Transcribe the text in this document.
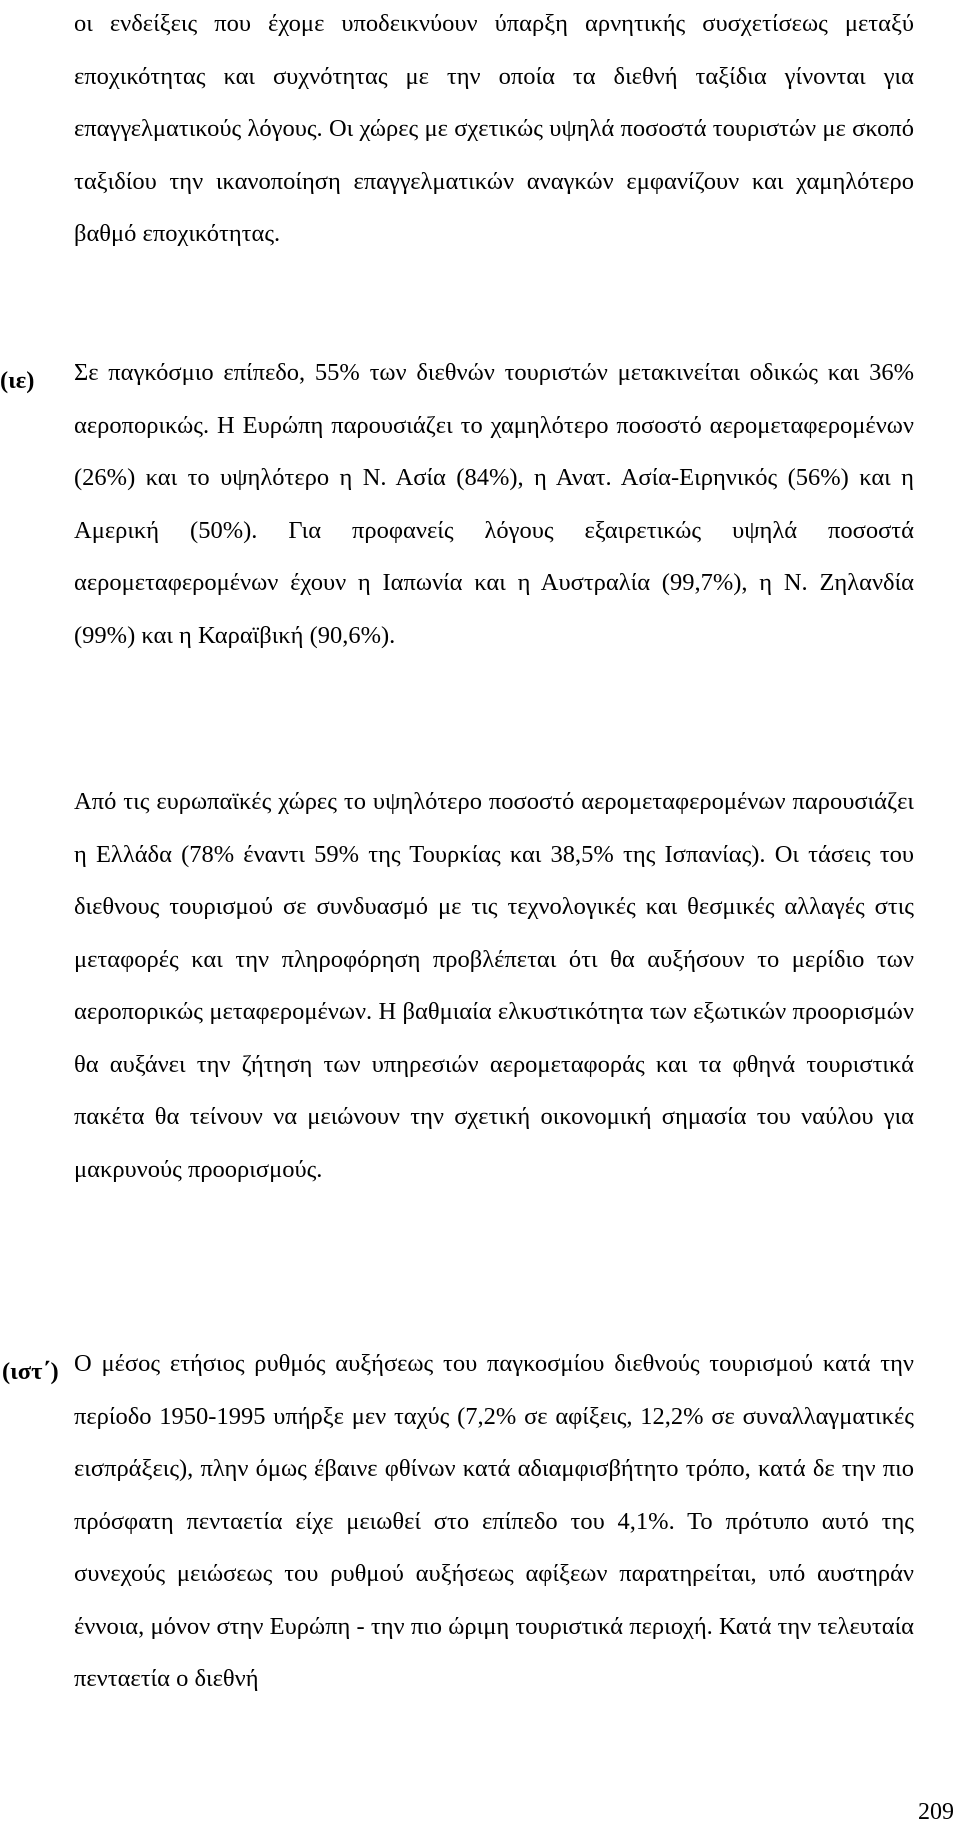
οι ενδείξεις που έχομε υποδεικνύουν ύπαρξη αρνητικής συσχετίσεως μεταξύ εποχικότητας και συχνότητας με την οποία τα διεθνή ταξίδια γίνονται για επαγγελματικούς λόγους. Οι χώρες με σχετικώς υψηλά ποσοστά τουριστών με σκοπό ταξιδίου την ικανοποίηση επαγγελματικών αναγκών εμφανίζουν και χαμηλότερο βαθμό εποχικότητας.

(ιε) Σε παγκόσμιο επίπεδο, 55% των διεθνών τουριστών μετακινείται οδικώς και 36% αεροπορικώς. Η Ευρώπη παρουσιάζει το χαμηλότερο ποσοστό αερομεταφερομένων (26%) και το υψηλότερο η Ν. Ασία (84%), η Ανατ. Ασία-Ειρηνικός (56%) και η Αμερική (50%). Για προφανείς λόγους εξαιρετικώς υψηλά ποσοστά αερομεταφερομένων έχουν η Ιαπωνία και η Αυστραλία (99,7%), η Ν. Ζηλανδία (99%) και η Καραϊβική (90,6%).

Από τις ευρωπαϊκές χώρες το υψηλότερο ποσοστό αερομεταφερομένων παρουσιάζει η Ελλάδα (78% έναντι 59% της Τουρκίας και 38,5% της Ισπανίας). Οι τάσεις του διεθνους τουρισμού σε συνδυασμό με τις τεχνολογικές και θεσμικές αλλαγές στις μεταφορές και την πληροφόρηση προβλέπεται ότι θα αυξήσουν το μερίδιο των αεροπορικώς μεταφερομένων. Η βαθμιαία ελκυστικότητα των εξωτικών προορισμών θα αυξάνει την ζήτηση των υπηρεσιών αερομεταφοράς και τα φθηνά τουριστικά πακέτα θα τείνουν να μειώνουν την σχετική οικονομική σημασία του ναύλου για μακρυνούς προορισμούς.

(ιστ΄) Ο μέσος ετήσιος ρυθμός αυξήσεως του παγκοσμίου διεθνούς τουρισμού κατά την περίοδο 1950-1995 υπήρξε μεν ταχύς (7,2% σε αφίξεις, 12,2% σε συναλλαγματικές εισπράξεις), πλην όμως έβαινε φθίνων κατά αδιαμφισβήτητο τρόπο, κατά δε την πιο πρόσφατη πενταετία είχε μειωθεί στο επίπεδο του 4,1%. Το πρότυπο αυτό της συνεχούς μειώσεως του ρυθμού αυξήσεως αφίξεων παρατηρείται, υπό αυστηράν έννοια, μόνον στην Ευρώπη - την πιο ώριμη τουριστικά περιοχή. Κατά την τελευταία πενταετία ο διεθνή

209
